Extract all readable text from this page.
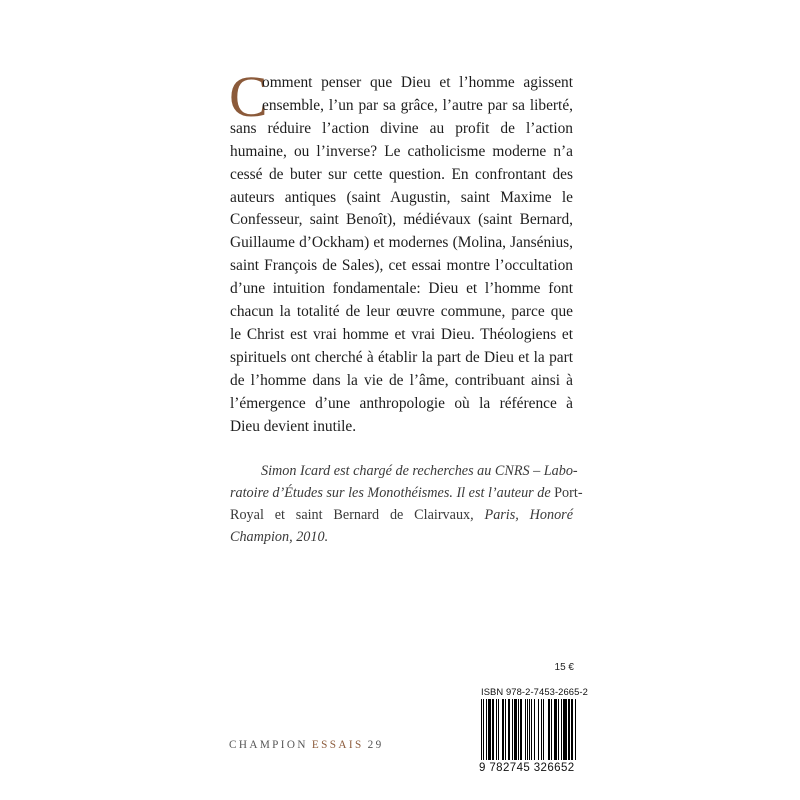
C
omment penser que Dieu et l’homme agissent
ensemble, l’un par sa grâce, l’autre par sa liberté,
sans réduire l’action divine au profit de l’action
humaine, ou l’inverse? Le catholicisme moderne n’a
cessé de buter sur cette question. En confrontant des
auteurs antiques (saint Augustin, saint Maxime le
Confesseur, saint Benoît), médiévaux (saint Bernard,
Guillaume d’Ockham) et modernes (Molina, Jansénius,
saint François de Sales), cet essai montre l’occultation
d’une intuition fondamentale: Dieu et l’homme font
chacun la totalité de leur œuvre commune, parce que
le Christ est vrai homme et vrai Dieu. Théologiens et
spirituels ont cherché à établir la part de Dieu et la part
de l’homme dans la vie de l’âme, contribuant ainsi à
l’émergence d’une anthropologie où la référence à
Dieu devient inutile.
Simon Icard est chargé de recherches au CNRS – Labo-
ratoire d’Études sur les Monothéismes. Il est l’auteur de Port-
Royal et saint Bernard de Clairvaux, Paris, Honoré
Champion, 2010.
15 €
ISBN 978-2-7453-2665-2
9 782745 326652
CHAMPION ESSAIS 29
